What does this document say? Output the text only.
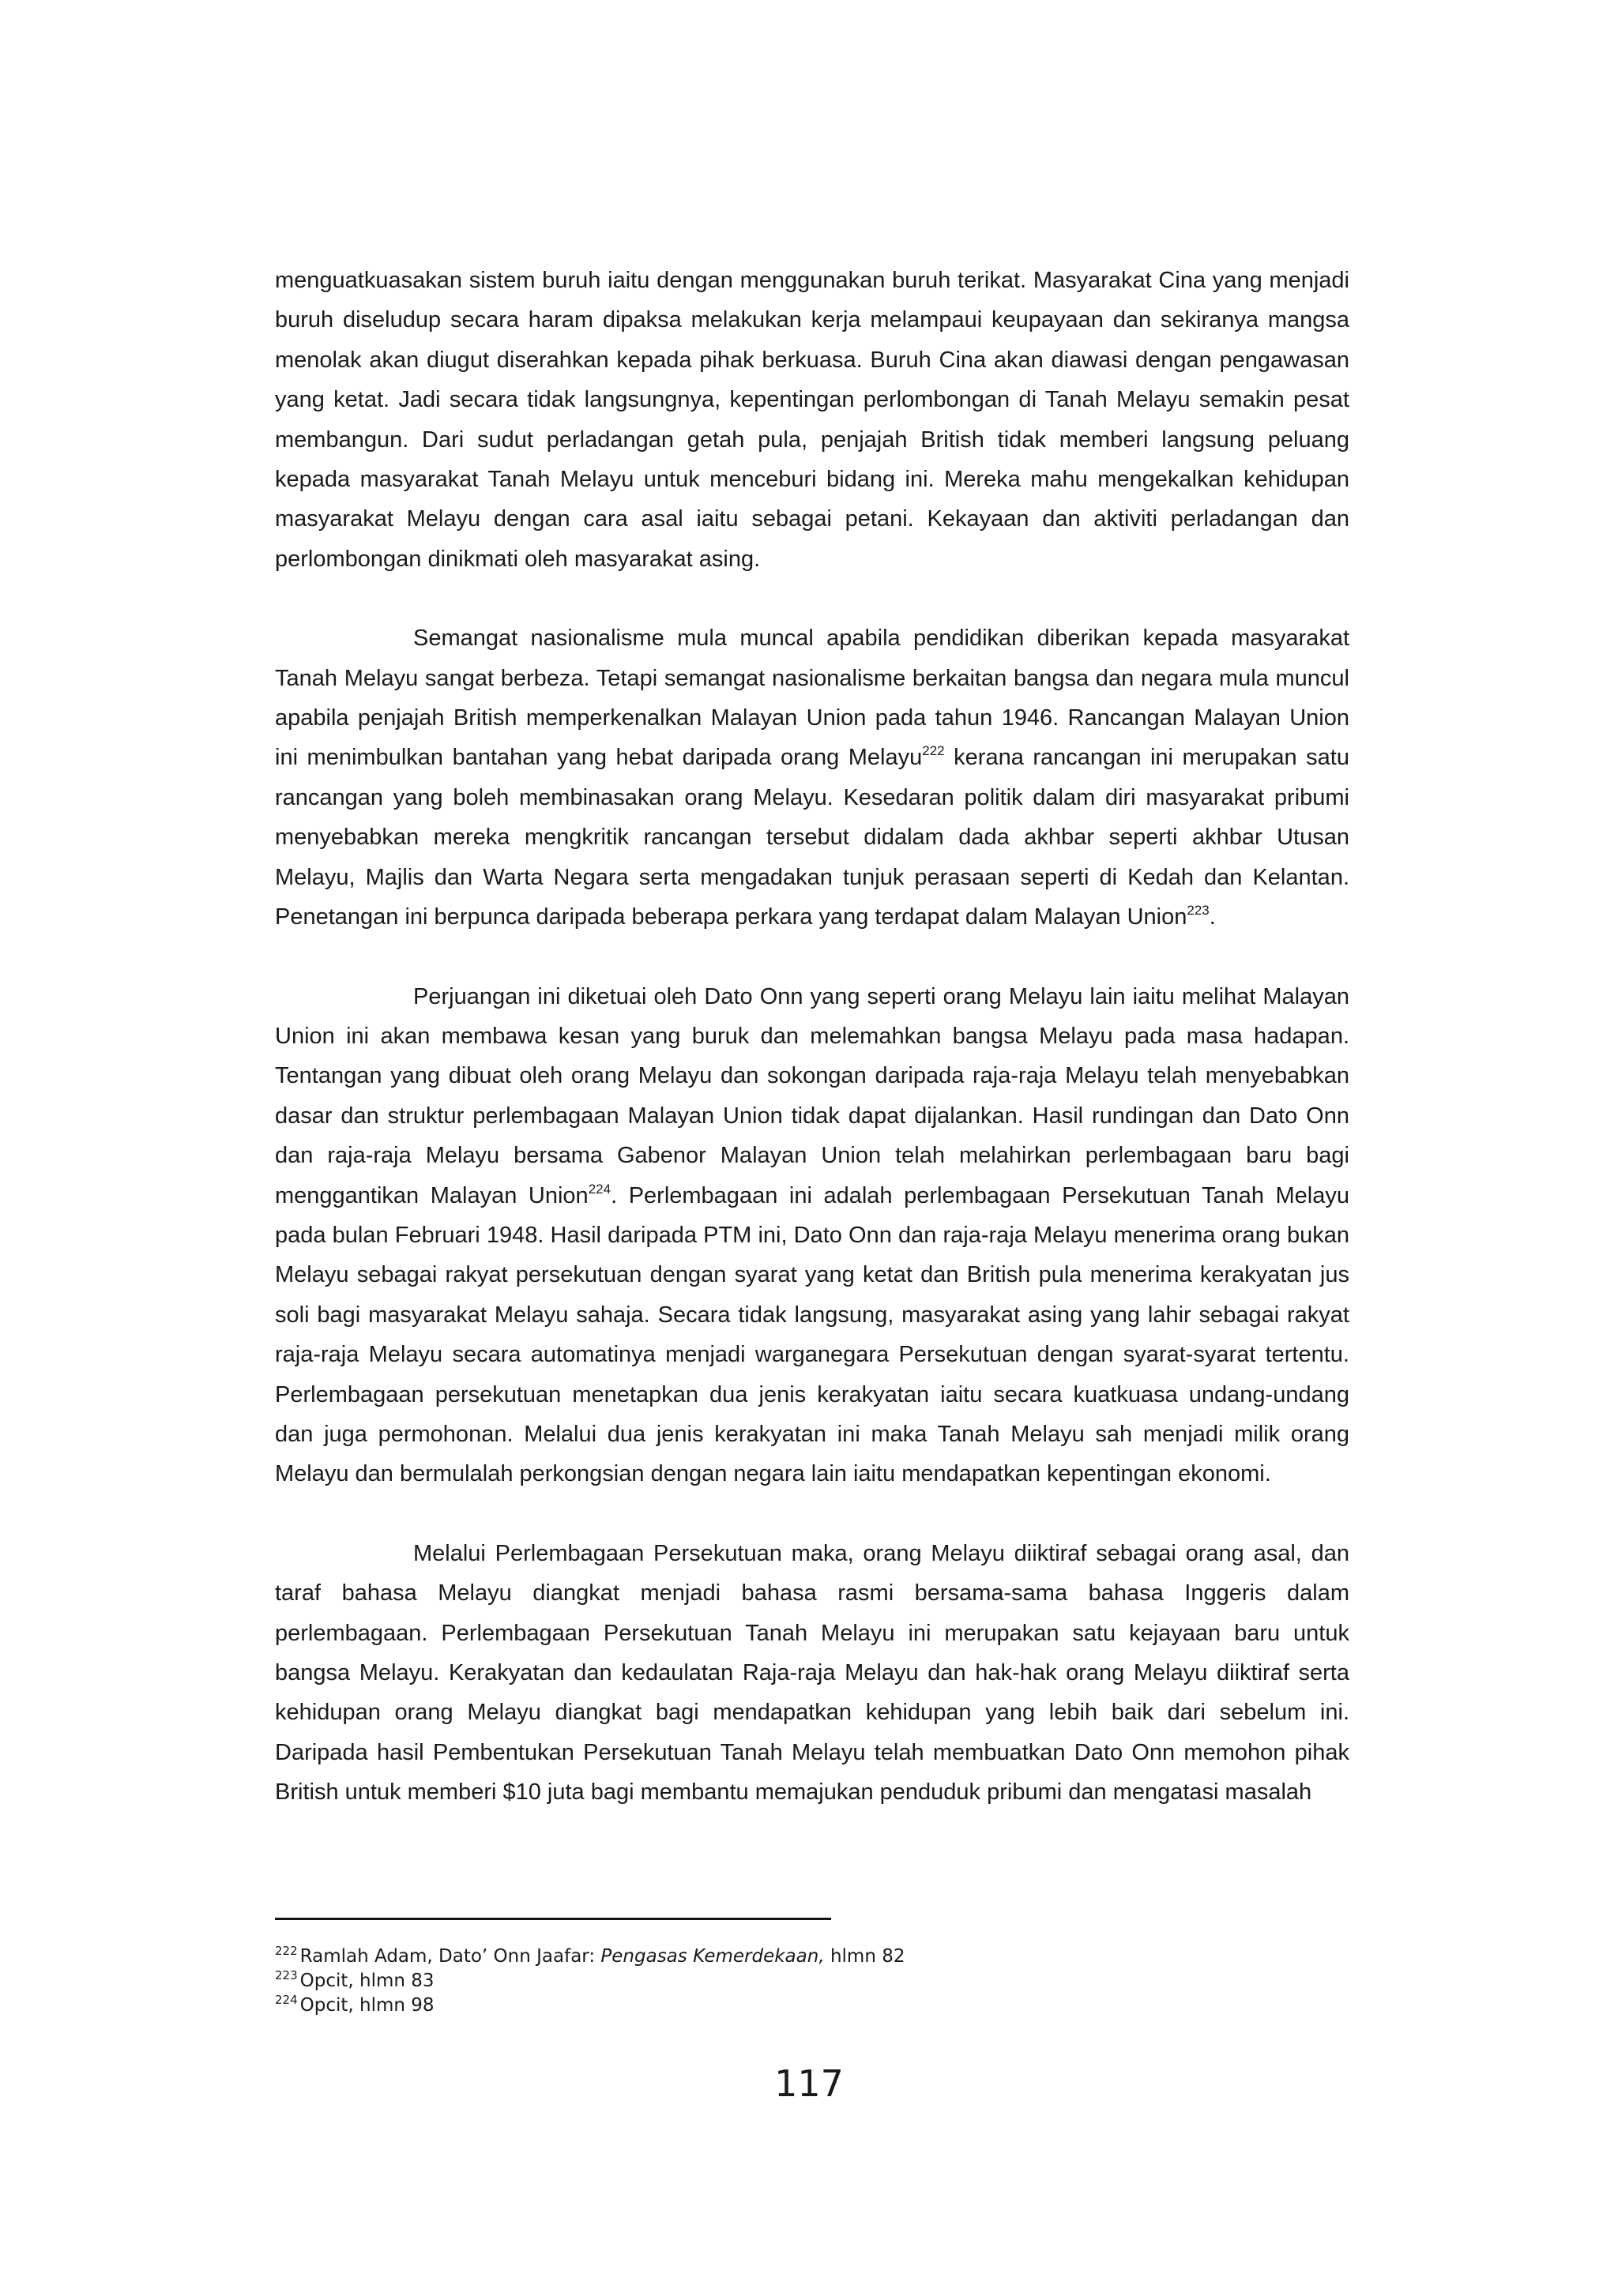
menguatkuasakan sistem buruh iaitu dengan menggunakan buruh terikat. Masyarakat Cina yang menjadi buruh diseludup secara haram dipaksa melakukan kerja melampaui keupayaan dan sekiranya mangsa menolak akan diugut diserahkan kepada pihak berkuasa. Buruh Cina akan diawasi dengan pengawasan yang ketat. Jadi secara tidak langsungnya, kepentingan perlombongan di Tanah Melayu semakin pesat membangun. Dari sudut perladangan getah pula, penjajah British tidak memberi langsung peluang kepada masyarakat Tanah Melayu untuk menceburi bidang ini. Mereka mahu mengekalkan kehidupan masyarakat Melayu dengan cara asal iaitu sebagai petani. Kekayaan dan aktiviti perladangan dan perlombongan dinikmati oleh masyarakat asing.

Semangat nasionalisme mula muncal apabila pendidikan diberikan kepada masyarakat Tanah Melayu sangat berbeza. Tetapi semangat nasionalisme berkaitan bangsa dan negara mula muncul apabila penjajah British memperkenalkan Malayan Union pada tahun 1946. Rancangan Malayan Union ini menimbulkan bantahan yang hebat daripada orang Melayu$^{222}$ kerana rancangan ini merupakan satu rancangan yang boleh membinasakan orang Melayu. Kesedaran politik dalam diri masyarakat pribumi menyebabkan mereka mengkritik rancangan tersebut didalam dada akhbar seperti akhbar Utusan Melayu, Majlis dan Warta Negara serta mengadakan tunjuk perasaan seperti di Kedah dan Kelantan. Penetangan ini berpunca daripada beberapa perkara yang terdapat dalam Malayan Union$^{223}$.

Perjuangan ini diketuai oleh Dato Onn yang seperti orang Melayu lain iaitu melihat Malayan Union ini akan membawa kesan yang buruk dan melemahkan bangsa Melayu pada masa hadapan. Tentangan yang dibuat oleh orang Melayu dan sokongan daripada raja-raja Melayu telah menyebabkan dasar dan struktur perlembagaan Malayan Union tidak dapat dijalankan. Hasil rundingan dan Dato Onn dan raja-raja Melayu bersama Gabenor Malayan Union telah melahirkan perlembagaan baru bagi menggantikan Malayan Union$^{224}$. Perlembagaan ini adalah perlembagaan Persekutuan Tanah Melayu pada bulan Februari 1948. Hasil daripada PTM ini, Dato Onn dan raja-raja Melayu menerima orang bukan Melayu sebagai rakyat persekutuan dengan syarat yang ketat dan British pula menerima kerakyatan jus soli bagi masyarakat Melayu sahaja. Secara tidak langsung, masyarakat asing yang lahir sebagai rakyat raja-raja Melayu secara automatinya menjadi warganegara Persekutuan dengan syarat-syarat tertentu. Perlembagaan persekutuan menetapkan dua jenis kerakyatan iaitu secara kuatkuasa undang-undang dan juga permohonan. Melalui dua jenis kerakyatan ini maka Tanah Melayu sah menjadi milik orang Melayu dan bermulalah perkongsian dengan negara lain iaitu mendapatkan kepentingan ekonomi.

Melalui Perlembagaan Persekutuan maka, orang Melayu diiktiraf sebagai orang asal, dan taraf bahasa Melayu diangkat menjadi bahasa rasmi bersama-sama bahasa Inggeris dalam perlembagaan. Perlembagaan Persekutuan Tanah Melayu ini merupakan satu kejayaan baru untuk bangsa Melayu. Kerakyatan dan kedaulatan Raja-raja Melayu dan hak-hak orang Melayu diiktiraf serta kehidupan orang Melayu diangkat bagi mendapatkan kehidupan yang lebih baik dari sebelum ini. Daripada hasil Pembentukan Persekutuan Tanah Melayu telah membuatkan Dato Onn memohon pihak British untuk memberi $10 juta bagi membantu memajukan penduduk pribumi dan mengatasi masalah

$^{222}$ Ramlah Adam, Dato’ Onn Jaafar: Pengasas Kemerdekaan, hlmn 82

$^{223}$ Opcit, hlmn 83

$^{224}$ Opcit, hlmn 98

117
